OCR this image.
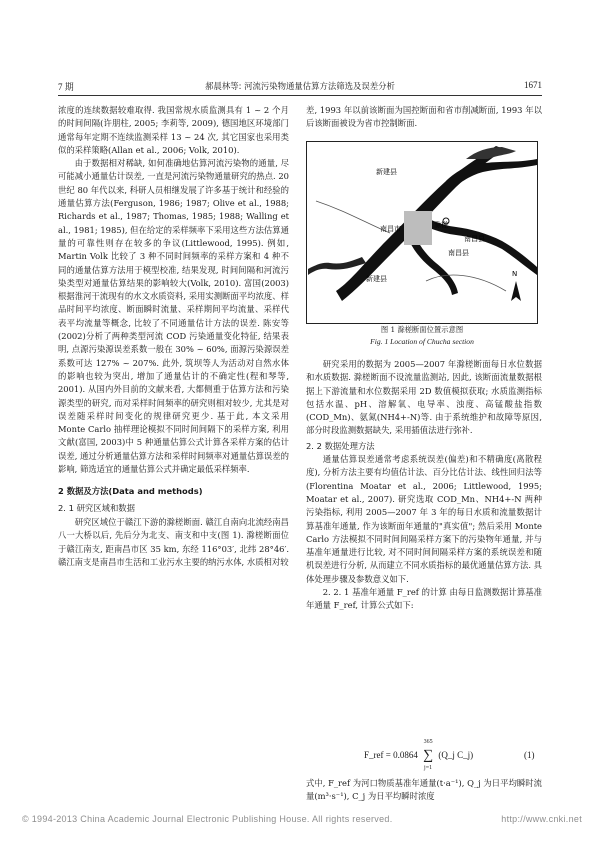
7 期	郝晨林等: 河流污染物通量估算方法筛选及误差分析	1671

浓度的连续数据较难取得. 我国常规水质监测具有 1 ~ 2 个月的时间间隔(许朋柱, 2005; 李莉等, 2009), 德国地区环境部门通常每年定期不连续监测采样 13 ~ 24 次, 其它国家也采用类似的采样策略(Allan et al., 2006; Volk, 2010).

由于数据相对稀缺, 如何准确地估算河流污染物的通量, 尽可能减小通量估计误差, 一直是河流污染物通量研究的热点. 20 世纪 80 年代以来, 科研人员相继发展了许多基于统计和经验的通量估算方法(Ferguson, 1986; 1987; Olive et al., 1988; Richards et al., 1987; Thomas, 1985; 1988; Walling et al., 1981; 1985), 但在给定的采样频率下采用这些方法估算通量的可靠性则存在较多的争议(Littlewood, 1995). 例如, Martin Volk 比较了 3 种不同时间频率的采样方案和 4 种不同的通量估算方法用于模型校准, 结果发现, 时间间隔和河流污染类型对通量估算结果的影响较大(Volk, 2010). 富国(2003)根据淮河干流现有的水文水质资料, 采用实测断面平均浓度、样品时间平均浓度、断面瞬时流量、采样期间平均流量、采样代表平均流量等概念, 比较了不同通量估计方法的误差. 陈安等(2002)分析了两种类型河流 COD 污染通量变化特征, 结果表明, 点源污染源误差系数一般在 30% ~ 60%, 面源污染源误差系数可达 127% ~ 207%. 此外, 筑坝等人为活动对自然水体的影响也较为突出, 增加了通量估计的不确定性(程和琴等, 2001). 从国内外目前的文献来看, 大都侧重于估算方法和污染源类型的研究, 而对采样时间频率的研究则相对较少, 尤其是对误差随采样时间变化的规律研究更少. 基于此, 本文采用 Monte Carlo 抽样理论模拟不同时间间隔下的采样方案, 利用文献(富国, 2003)中 5 种通量估算公式计算各采样方案的估计误差, 通过分析通量估算方法和采样时间频率对通量估算误差的影响, 筛选适宜的通量估算公式并确定最低采样频率.

2 数据及方法(Data and methods)

2. 1 研究区域和数据

研究区域位于赣江下游的滁槎断面. 赣江自南向北流经南昌八一大桥以后, 先后分为北支、南支和中支(图 1). 滁槎断面位于赣江南支, 距南昌市区 35 km, 东经 116°03′, 北纬 28°46′. 赣江南支是南昌市生活和工业污水主要的纳污水体, 水质相对较

差, 1993 年以前该断面为国控断面和省市削减断面, 1993 年以后该断面被设为省市控制断面.

新建县
南昌市	滁槎
南昌县
南昌县
新建县
N
图 1 滁槎断面位置示意图
Fig. 1 Location of Chucha section

研究采用的数据为 2005—2007 年滁槎断面每日水位数据和水质数据. 滁槎断面不设流量监测站, 因此, 该断面流量数据根据上下游流量和水位数据采用 2D 数值模拟获取; 水质监测指标包括水温、pH、溶解氧、电导率、浊度、高锰酸盐指数(COD_Mn)、氨氮(NH4+-N)等. 由于系统维护和故障等原因, 部分时段监测数据缺失, 采用插值法进行弥补.

2. 2 数据处理方法

通量估算误差通常考虑系统误差(偏差)和不精确度(离散程度), 分析方法主要有均值估计法、百分比估计法、线性回归法等(Florentina Moatar et al., 2006; Littlewood, 1995; Moatar et al., 2007). 研究选取 COD_Mn、NH4+-N 两种污染指标, 利用 2005—2007 年 3 年的每日水质和流量数据计算基准年通量, 作为该断面年通量的"真实值"; 然后采用 Monte Carlo 方法模拟不同时间间隔采样方案下的污染物年通量, 并与基准年通量进行比较, 对不同时间间隔采样方案的系统误差和随机误差进行分析, 从而建立不同水质指标的最优通量估算方法. 具体处理步骤及参数意义如下.

2. 2. 1 基准年通量 F_ref 的计算 由每日监测数据计算基准年通量 F_ref, 计算公式如下:

F_ref = 0.0864 ∑
365
j=1
(Q_j C_j)	(1)

式中, F_ref 为河口物质基准年通量(t·a⁻¹), Q_j 为日平均瞬时流量(m³·s⁻¹), C_j 为日平均瞬时浓度

© 1994-2013 China Academic Journal Electronic Publishing House. All rights reserved.	http://www.cnki.net
